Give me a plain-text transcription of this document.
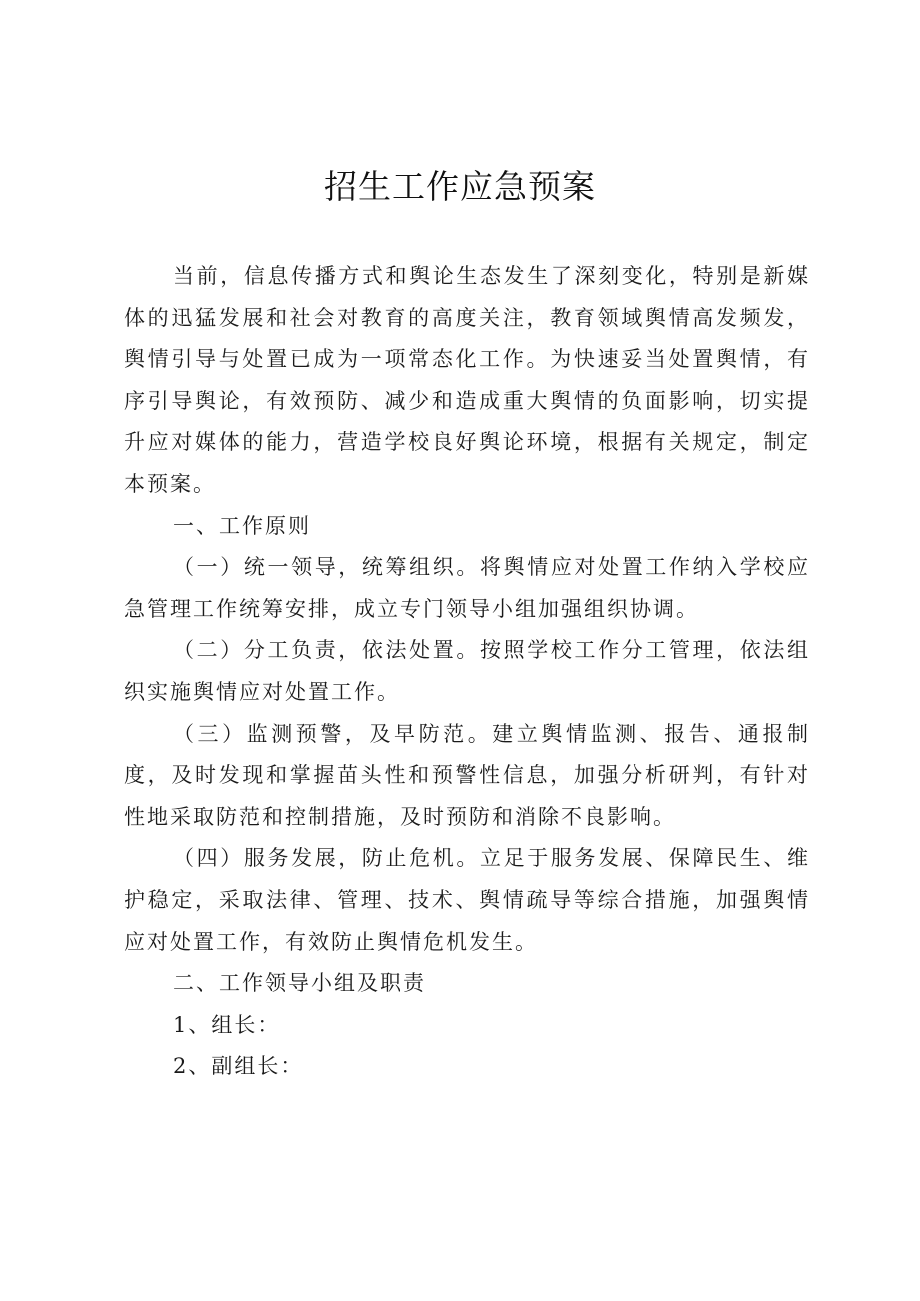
招生工作应急预案

当前，信息传播方式和舆论生态发生了深刻变化，特别是新媒体的迅猛发展和社会对教育的高度关注，教育领域舆情高发频发，舆情引导与处置已成为一项常态化工作。为快速妥当处置舆情，有序引导舆论，有效预防、减少和造成重大舆情的负面影响，切实提升应对媒体的能力，营造学校良好舆论环境，根据有关规定，制定本预案。

一、工作原则

（一）统一领导，统筹组织。将舆情应对处置工作纳入学校应急管理工作统筹安排，成立专门领导小组加强组织协调。

（二）分工负责，依法处置。按照学校工作分工管理，依法组织实施舆情应对处置工作。

（三）监测预警，及早防范。建立舆情监测、报告、通报制度，及时发现和掌握苗头性和预警性信息，加强分析研判，有针对性地采取防范和控制措施，及时预防和消除不良影响。

（四）服务发展，防止危机。立足于服务发展、保障民生、维护稳定，采取法律、管理、技术、舆情疏导等综合措施，加强舆情应对处置工作，有效防止舆情危机发生。

二、工作领导小组及职责

1、组长：

2、副组长：
